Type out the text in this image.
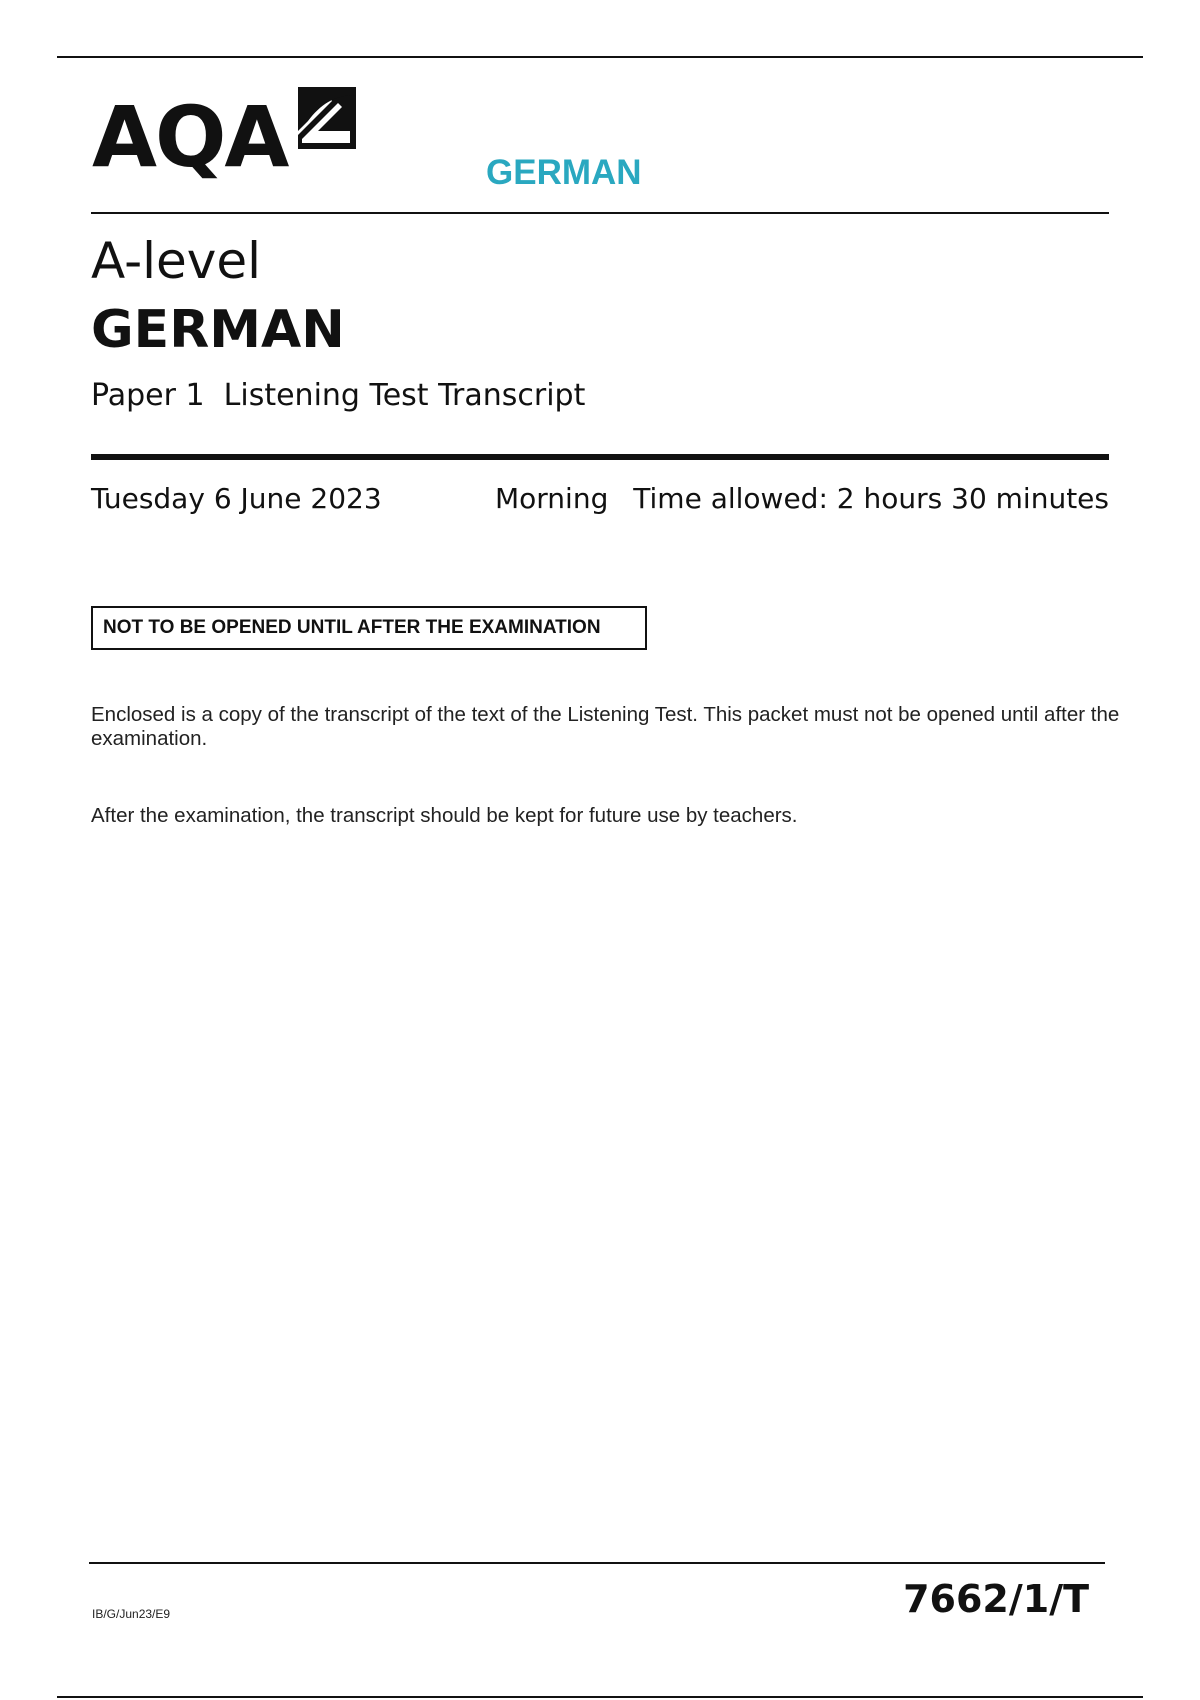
AQA	GERMAN
A-level
GERMAN
Paper 1  Listening Test Transcript
Tuesday 6 June 2023	Morning Time allowed: 2 hours 30 minutes
NOT TO BE OPENED UNTIL AFTER THE EXAMINATION
Enclosed is a copy of the transcript of the text of the Listening Test. This packet must not be opened until after the examination.
After the examination, the transcript should be kept for future use by teachers.
IB/G/Jun23/E9	7662/1/T
